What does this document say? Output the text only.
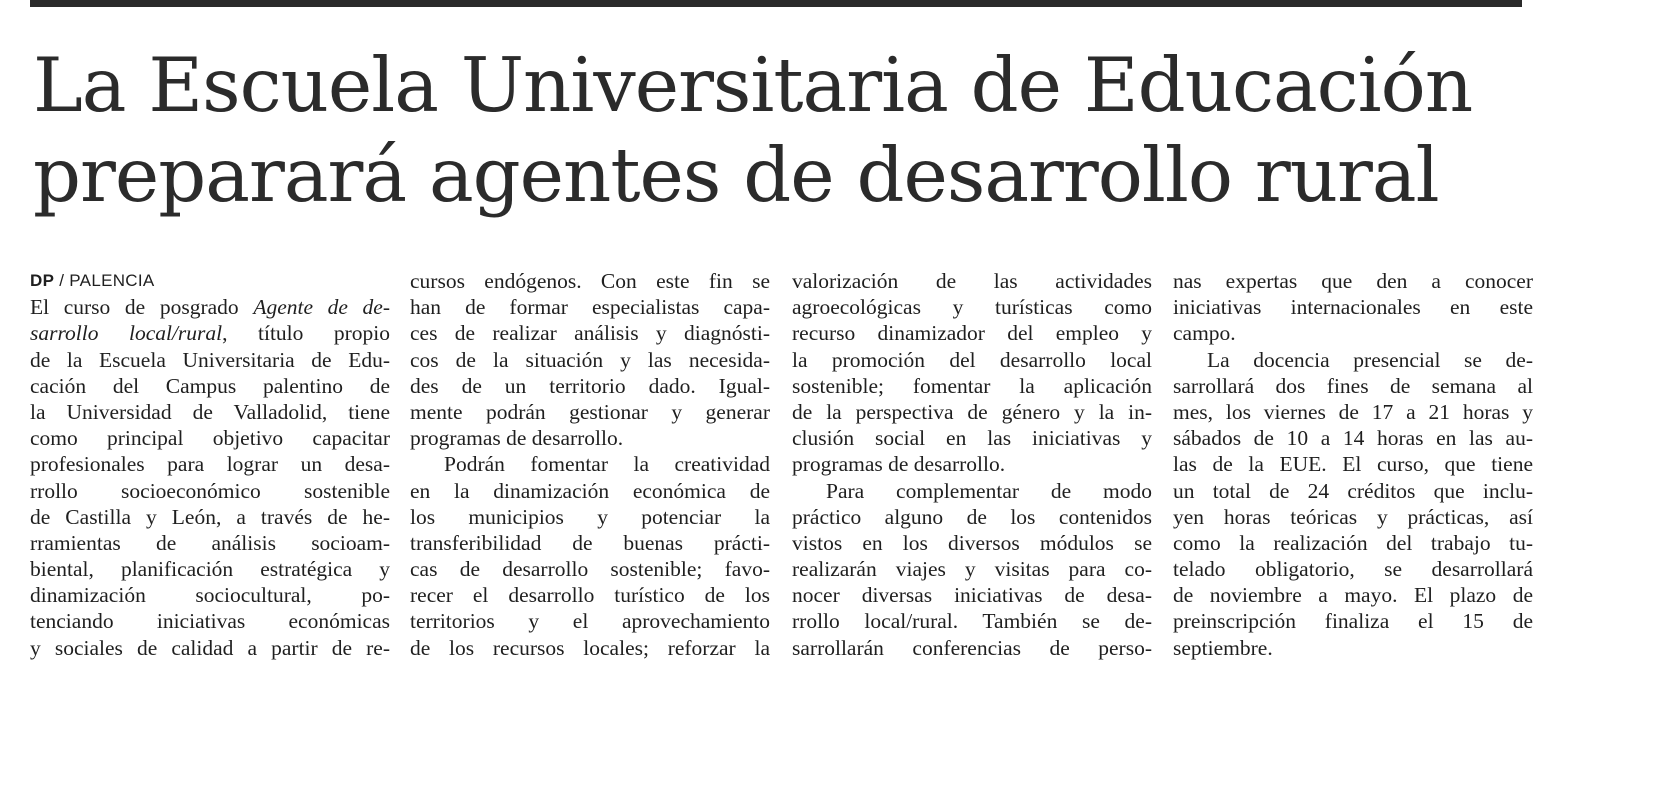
La Escuela Universitaria de Educación
preparará agentes de desarrollo rural
DP / PALENCIA
El curso de posgrado Agente de de-
sarrollo local/rural, título propio
de la Escuela Universitaria de Edu-
cación del Campus palentino de
la Universidad de Valladolid, tiene
como principal objetivo capacitar
profesionales para lograr un desa-
rrollo socioeconómico sostenible
de Castilla y León, a través de he-
rramientas de análisis socioam-
biental, planificación estratégica y
dinamización sociocultural, po-
tenciando iniciativas económicas
y sociales de calidad a partir de re-
cursos endógenos. Con este fin se
han de formar especialistas capa-
ces de realizar análisis y diagnósti-
cos de la situación y las necesida-
des de un territorio dado. Igual-
mente podrán gestionar y generar
programas de desarrollo.
Podrán fomentar la creatividad
en la dinamización económica de
los municipios y potenciar la
transferibilidad de buenas prácti-
cas de desarrollo sostenible; favo-
recer el desarrollo turístico de los
territorios y el aprovechamiento
de los recursos locales; reforzar la
valorización de las actividades
agroecológicas y turísticas como
recurso dinamizador del empleo y
la promoción del desarrollo local
sostenible; fomentar la aplicación
de la perspectiva de género y la in-
clusión social en las iniciativas y
programas de desarrollo.
Para complementar de modo
práctico alguno de los contenidos
vistos en los diversos módulos se
realizarán viajes y visitas para co-
nocer diversas iniciativas de desa-
rrollo local/rural. También se de-
sarrollarán conferencias de perso-
nas expertas que den a conocer
iniciativas internacionales en este
campo.
La docencia presencial se de-
sarrollará dos fines de semana al
mes, los viernes de 17 a 21 horas y
sábados de 10 a 14 horas en las au-
las de la EUE. El curso, que tiene
un total de 24 créditos que inclu-
yen horas teóricas y prácticas, así
como la realización del trabajo tu-
telado obligatorio, se desarrollará
de noviembre a mayo. El plazo de
preinscripción finaliza el 15 de
septiembre.
